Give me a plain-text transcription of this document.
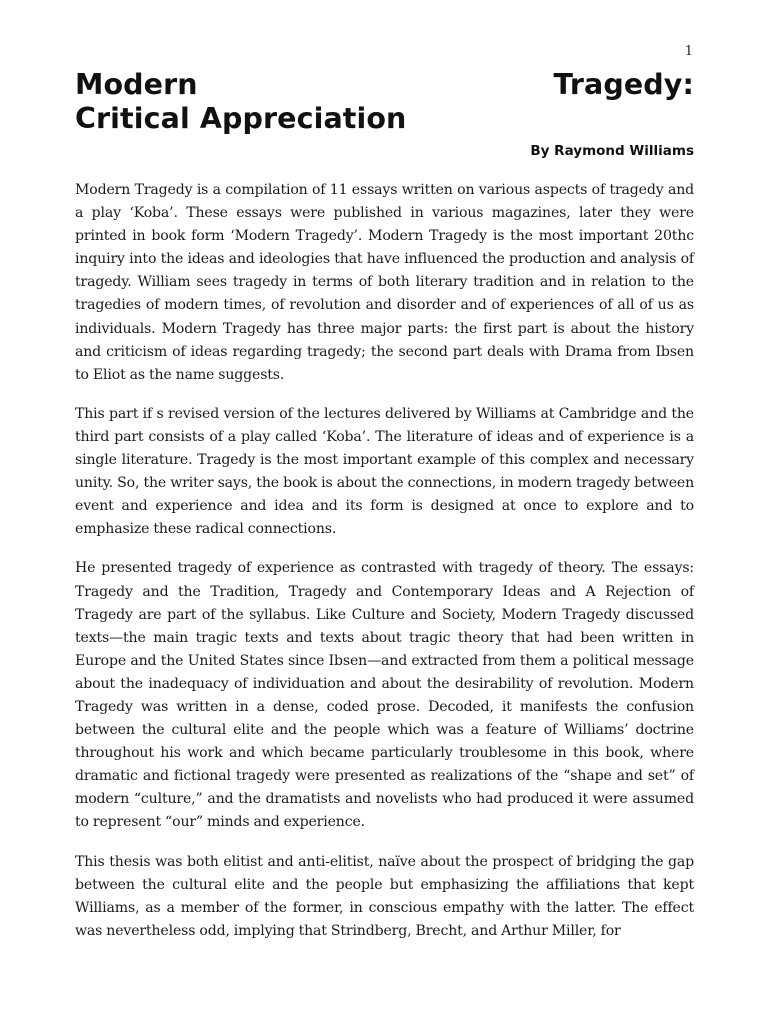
1
Modern	Tragedy:
Critical Appreciation
By Raymond Williams

Modern Tragedy is a compilation of 11 essays written on various aspects of tragedy and a play ‘Koba’. These essays were published in various magazines, later they were printed in book form ‘Modern Tragedy’. Modern Tragedy is the most important 20thc inquiry into the ideas and ideologies that have influenced the production and analysis of tragedy. William sees tragedy in terms of both literary tradition and in relation to the tragedies of modern times, of revolution and disorder and of experiences of all of us as individuals. Modern Tragedy has three major parts: the first part is about the history and criticism of ideas regarding tragedy; the second part deals with Drama from Ibsen to Eliot as the name suggests.

This part if s revised version of the lectures delivered by Williams at Cambridge and the third part consists of a play called ‘Koba’. The literature of ideas and of experience is a single literature. Tragedy is the most important example of this complex and necessary unity. So, the writer says, the book is about the connections, in modern tragedy between event and experience and idea and its form is designed at once to explore and to emphasize these radical connections.

He presented tragedy of experience as contrasted with tragedy of theory. The essays: Tragedy and the Tradition, Tragedy and Contemporary Ideas and A Rejection of Tragedy are part of the syllabus. Like Culture and Society, Modern Tragedy discussed texts—the main tragic texts and texts about tragic theory that had been written in Europe and the United States since Ibsen—and extracted from them a political message about the inadequacy of individuation and about the desirability of revolution. Modern Tragedy was written in a dense, coded prose. Decoded, it manifests the confusion between the cultural elite and the people which was a feature of Williams’ doctrine throughout his work and which became particularly troublesome in this book, where dramatic and fictional tragedy were presented as realizations of the “shape and set” of modern “culture,” and the dramatists and novelists who had produced it were assumed to represent “our” minds and experience.

This thesis was both elitist and anti-elitist, naïve about the prospect of bridging the gap between the cultural elite and the people but emphasizing the affiliations that kept Williams, as a member of the former, in conscious empathy with the latter. The effect was nevertheless odd, implying that Strindberg, Brecht, and Arthur Miller, for
